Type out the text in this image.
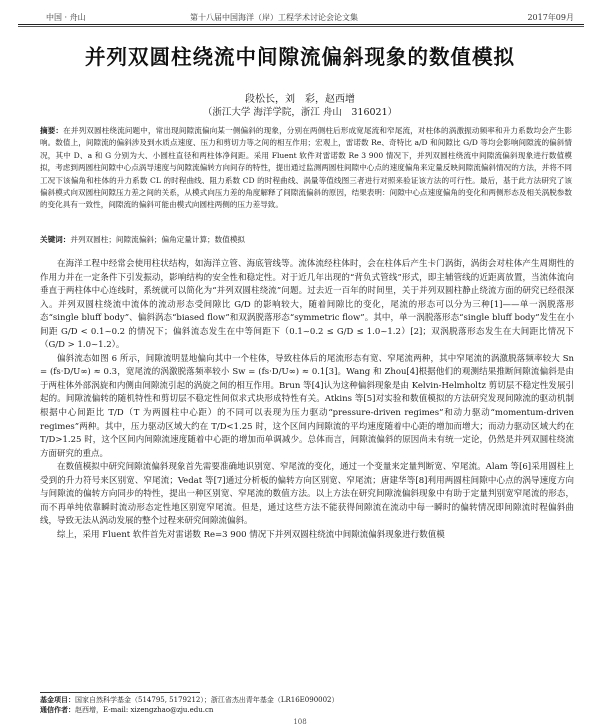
中国 · 舟山	第十八届中国海洋（岸）工程学术讨论会论文集	2017年09月
并列双圆柱绕流中间隙流偏斜现象的数值模拟
段松长，刘　彩，赵西增
（浙江大学 海洋学院，浙江 舟山　316021）
摘要：在并列双圆柱绕流问题中，常出现间隙流偏向某一侧偏斜的现象，分别在两侧柱后形成宽尾流和窄尾流，对柱体的涡激振动频率和升力系数均会产生影响。数值上，间隙流的偏斜涉及到水质点速度、压力和剪切力等之间的相互作用；宏观上，雷诺数 Re、奇特比 a/D 和间隙比 G/D 等均会影响间隙流的偏斜情况，其中 D、a 和 G 分别为大、小圆柱直径和两柱体净间距。采用 Fluent 软件对雷诺数 Re 3 900 情况下，并列双圆柱绕流中间隙流偏斜现象进行数值模拟，考虑到两圆柱间隙中心点涡导速度与间隙流偏转方向间存的特性，提出通过监测两圆柱间隙中心点的速度偏角来定量反映间隙流偏斜情况的方法，并将不同工况下该偏角和柱体的升力系数 CL 的时程曲线、阻力系数 CD 的时程曲线、涡量等值线图三者进行对照来验证该方法的可行性。最后，基于此方法研究了该偏斜模式向双圆柱间隙压力差之间的关系，从模式向压力差的角度解释了间隙流偏斜的原因，结果表明：间隙中心点速度偏角的变化和两侧形态及相关涡脱参数的变化具有一致性，间隙流的偏斜可能由模式向圆柱两侧的压力差导致。
关键词：并列双圆柱；间隙流偏斜；偏角定量计算；数值模拟

在海洋工程中经常会使用柱状结构，如海洋立管、海底管线等。流体流经柱体时，会在柱体后产生卡门涡街，涡街会对柱体产生周期性的作用力并在一定条件下引发振动，影响结构的安全性和稳定性。对于近几年出现的“背负式管线”形式，即主辅管线的近距离放置，当流体流向垂直于两柱体中心连线时，系统就可以简化为“并列双圆柱绕流”问题。过去近一百年的时间里，关于并列双圆柱静止绕流方面的研究已经很深入。并列双圆柱绕流中流体的流动形态受间隙比 G/D 的影响较大，随着间隙比的变化，尾流的形态可以分为三种[1]——单一涡脱落形态“single bluff body”、偏斜涡态“biased flow”和双涡脱落形态“symmetric flow”。其中，单一涡脱落形态“single bluff body”发生在小间距 G/D < 0.1~0.2 的情况下；偏斜流态发生在中等间距下（0.1~0.2 ≤ G/D ≤ 1.0~1.2）[2]；双涡脱落形态发生在大间距比情况下（G/D > 1.0~1.2）。

偏斜流态如图 6 所示，间隙流明显地偏向其中一个柱体，导致柱体后的尾流形态有宽、窄尾流两种，其中窄尾流的涡激脱落频率较大 Sn = (fs·D/U∞) ≈ 0.3，宽尾流的涡激脱落频率较小 Sw = (fs·D/U∞) ≈ 0.1[3]。Wang 和 Zhou[4]根据他们的观测结果推断间隙流偏斜是由于两柱体外部涡旋和内侧由间隙流引起的涡旋之间的相互作用。Brun 等[4]认为这种偏斜现象是由 Kelvin-Helmholtz 剪切层不稳定性发展引起的。间隙流偏转的随机特性和剪切层不稳定性间似求式块形成特性有关。Atkins 等[5]对实验和数值模拟的方法研究发现间隙流的驱动机制根据中心间距比 T/D（T 为两圆柱中心距）的不同可以表现为压力驱动“pressure-driven regimes”和动力驱动“momentum-driven regimes”两种。其中，压力驱动区域大约在 T/D<1.25 时，这个区间内间隙流的平均速度随着中心距的增加而增大；而动力驱动区域大约在 T/D>1.25 时，这个区间内间隙流速度随着中心距的增加而单调减少。总体而言，间隙流偏斜的原因尚未有统一定论，仍然是并列双圆柱绕流方面研究的重点。

在数值模拟中研究间隙流偏斜现象首先需要准确地识别宽、窄尾流的变化，通过一个变量来定量判断宽、窄尾流。Alam 等[6]采用圆柱上受到的升力符号来区别宽、窄尾流；Vedat 等[7]通过分析板的偏转方向区别宽、窄尾流；唐建华等[8]利用两圆柱间隙中心点的涡导速度方向与间隙流的偏转方向同步的特性，提出一种区别宽、窄尾流的数值方法。以上方法在研究间隙流偏斜现象中有助于定量判别宽窄尾流的形态，而不再单纯依靠瞬时流动形态定性地区别宽窄尾流。但是，通过这些方法不能获得间隙流在流动中每一瞬时的偏转情况即间隙流时程偏斜曲线，导致无法从涡动发展的整个过程来研究间隙流偏斜。

综上，采用 Fluent 软件首先对雷诺数 Re=3 900 情况下并列双圆柱绕流中间隙流偏斜现象进行数值模

基金项目：国家自然科学基金（514795, 5179212）；浙江省杰出青年基金（LR16E090002）
通信作者：赵西增，E-mail: xizengzhao@zju.edu.cn
108
